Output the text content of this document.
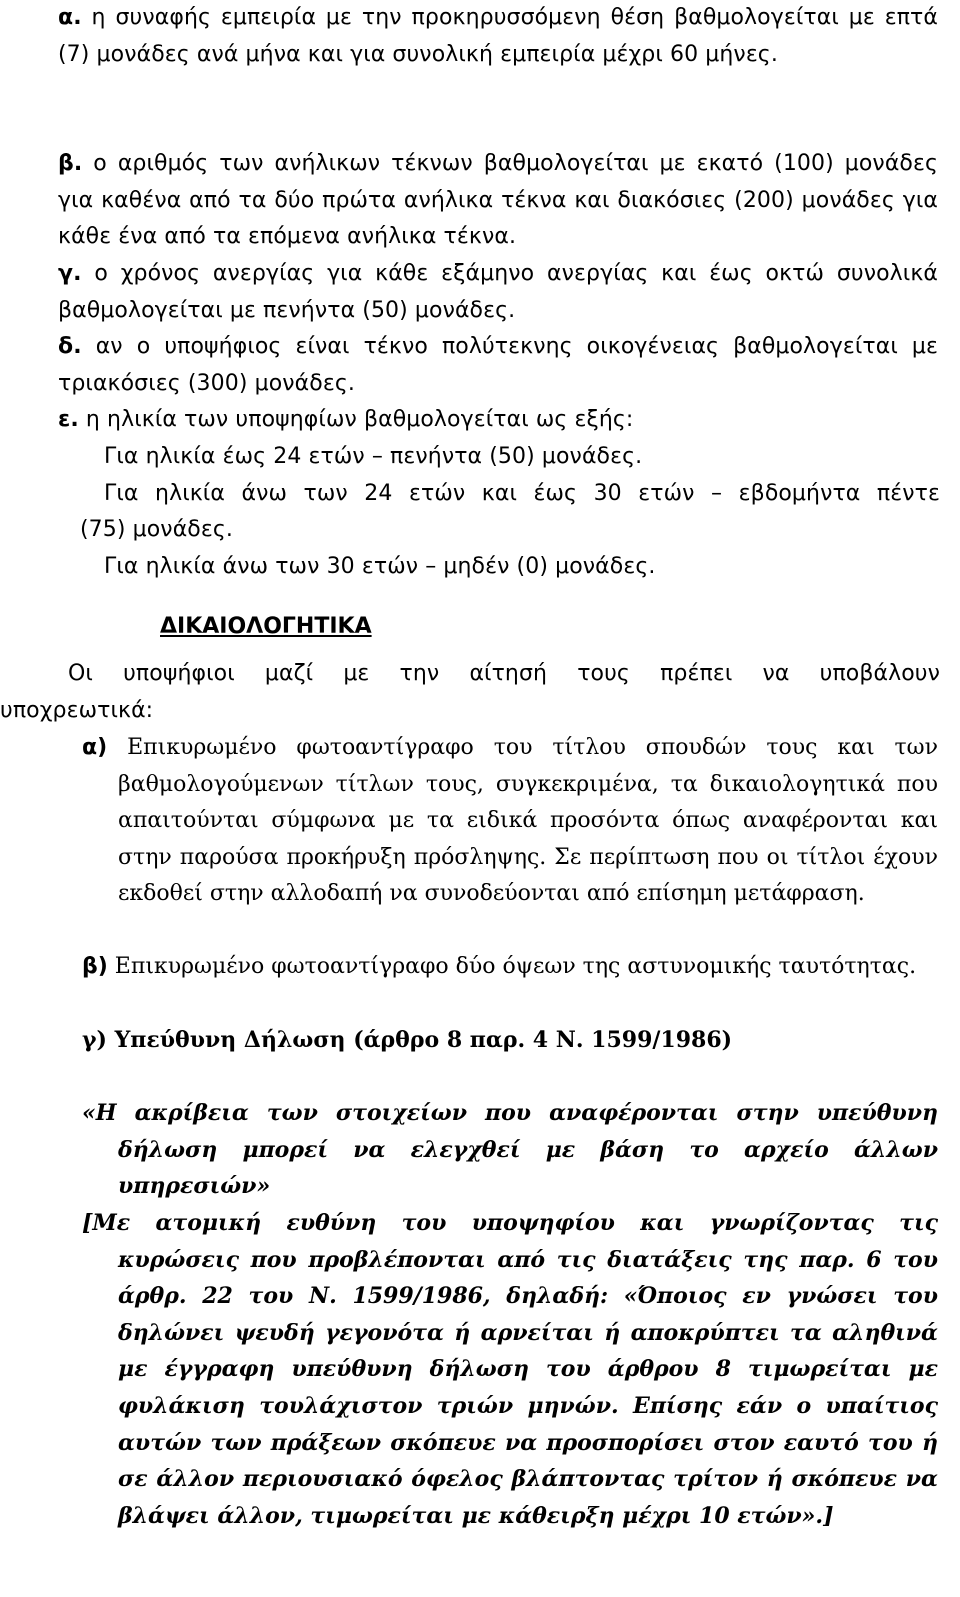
α. η συναφής εμπειρία με την προκηρυσσόμενη θέση βαθμολογείται με επτά (7) μονάδες ανά μήνα και για συνολική εμπειρία μέχρι 60 μήνες.
β. ο αριθμός των ανήλικων τέκνων βαθμολογείται με εκατό (100) μονάδες για καθένα από τα δύο πρώτα ανήλικα τέκνα και διακόσιες (200) μονάδες για κάθε ένα από τα επόμενα ανήλικα τέκνα.
γ. ο χρόνος ανεργίας για κάθε εξάμηνο ανεργίας και έως οκτώ συνολικά βαθμολογείται με πενήντα (50) μονάδες.
δ. αν ο υποψήφιος είναι τέκνο πολύτεκνης οικογένειας βαθμολογείται με τριακόσιες (300) μονάδες.
ε. η ηλικία των υποψηφίων βαθμολογείται ως εξής:
Για ηλικία έως 24 ετών – πενήντα (50) μονάδες.
Για ηλικία άνω των 24 ετών και έως 30 ετών – εβδομήντα πέντε
(75) μονάδες.
Για ηλικία άνω των 30 ετών – μηδέν (0) μονάδες.
ΔΙΚΑΙΟΛΟΓΗΤΙΚΑ
Οι υποψήφιοι μαζί με την αίτησή τους πρέπει να υποβάλουν
υποχρεωτικά:
α) Επικυρωμένο φωτοαντίγραφο του τίτλου σπουδών τους και των βαθμολογούμενων τίτλων τους, συγκεκριμένα, τα δικαιολογητικά που απαιτούνται σύμφωνα με τα ειδικά προσόντα όπως αναφέρονται και στην παρούσα προκήρυξη πρόσληψης. Σε περίπτωση που οι τίτλοι έχουν εκδοθεί στην αλλοδαπή να συνοδεύονται από επίσημη μετάφραση.
β) Επικυρωμένο φωτοαντίγραφο δύο όψεων της αστυνομικής ταυτότητας.
γ) Υπεύθυνη Δήλωση (άρθρο 8 παρ. 4 Ν. 1599/1986)
«Η ακρίβεια των στοιχείων που αναφέρονται στην υπεύθυνη δήλωση μπορεί να ελεγχθεί με βάση το αρχείο άλλων υπηρεσιών»
[Με ατομική ευθύνη του υποψηφίου και γνωρίζοντας τις κυρώσεις που προβλέπονται από τις διατάξεις της παρ. 6 του άρθρ. 22 του Ν. 1599/1986, δηλαδή: «Όποιος εν γνώσει του δηλώνει ψευδή γεγονότα ή αρνείται ή αποκρύπτει τα αληθινά με έγγραφη υπεύθυνη δήλωση του άρθρου 8 τιμωρείται με φυλάκιση τουλάχιστον τριών μηνών. Επίσης εάν ο υπαίτιος αυτών των πράξεων σκόπευε να προσπορίσει στον εαυτό του ή σε άλλον περιουσιακό όφελος βλάπτοντας τρίτον ή σκόπευε να βλάψει άλλον, τιμωρείται με κάθειρξη μέχρι 10 ετών».]
